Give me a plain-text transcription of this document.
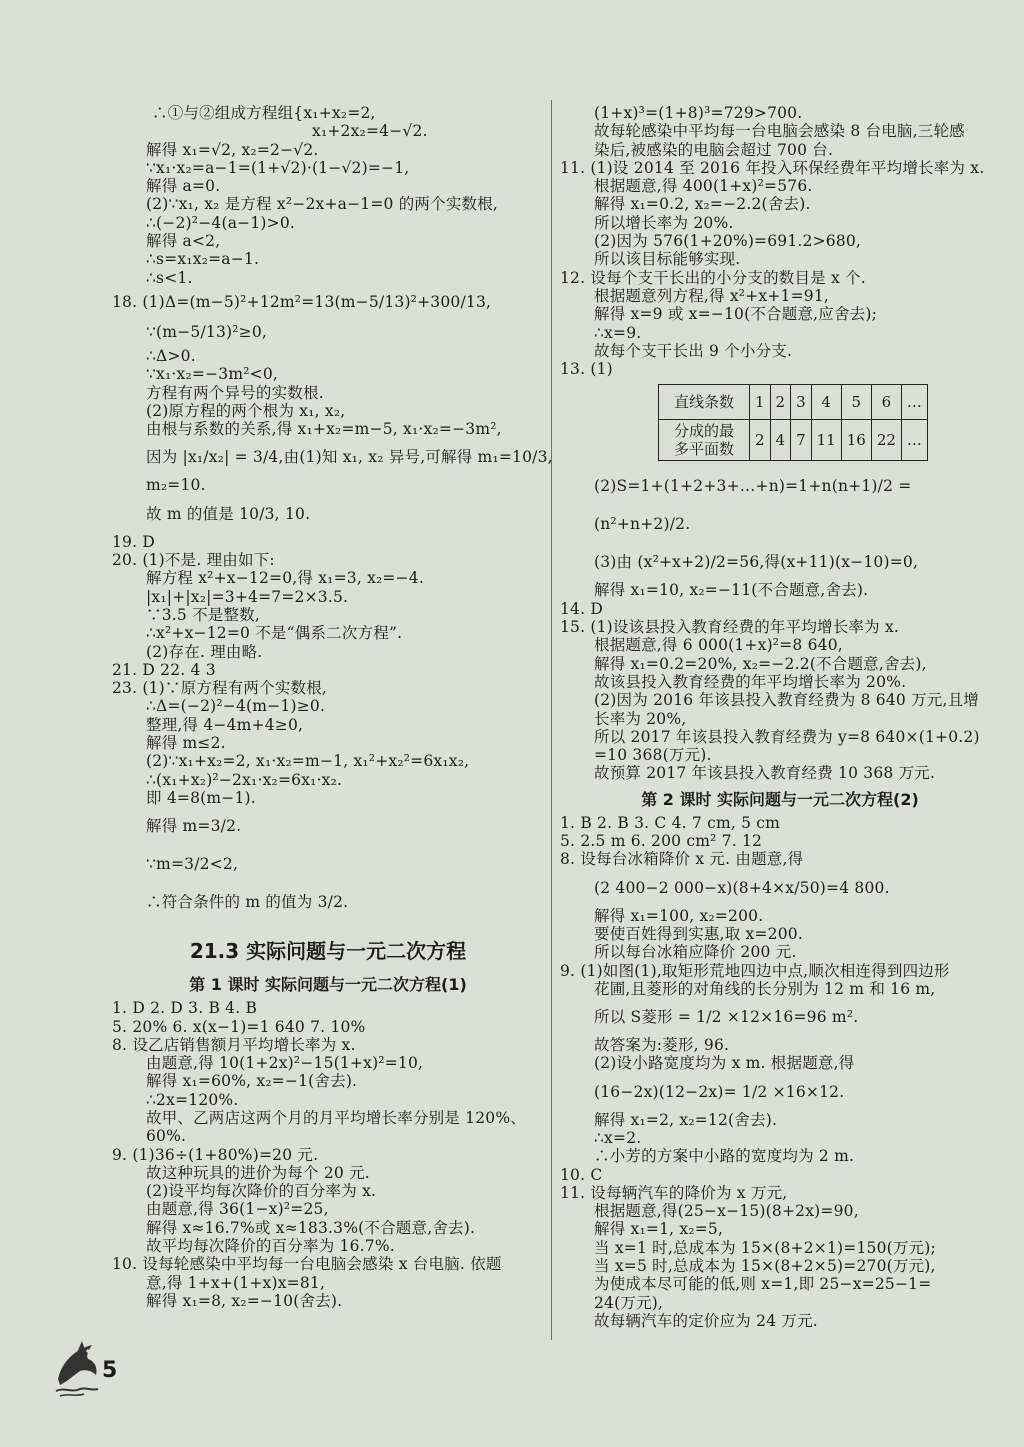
∴①与②组成方程组{x₁+x₂=2,
x₁+2x₂=4−√2.
解得 x₁=√2, x₂=2−√2.
∵x₁·x₂=a−1=(1+√2)·(1−√2)=−1,
解得 a=0.
(2)∵x₁, x₂ 是方程 x²−2x+a−1=0 的两个实数根,
∴(−2)²−4(a−1)>0.
解得 a<2,
∴s=x₁x₂=a−1.
∴s<1.
18. (1)Δ=(m−5)²+12m²=13(m−5/13)²+300/13,
∵(m−5/13)²≥0,
∴Δ>0.
∵x₁·x₂=−3m²<0,
方程有两个异号的实数根.
(2)原方程的两个根为 x₁, x₂,
由根与系数的关系,得 x₁+x₂=m−5, x₁·x₂=−3m²,
因为 |x₁/x₂| = 3/4,由(1)知 x₁, x₂ 异号,可解得 m₁=10/3,
m₂=10.
故 m 的值是 10/3, 10.
19. D
20. (1)不是. 理由如下:
解方程 x²+x−12=0,得 x₁=3, x₂=−4.
|x₁|+|x₂|=3+4=7=2×3.5.
∵3.5 不是整数,
∴x²+x−12=0 不是“偶系二次方程”.
(2)存在. 理由略.
21. D 22. 4 3
23. (1)∵原方程有两个实数根,
∴Δ=(−2)²−4(m−1)≥0.
整理,得 4−4m+4≥0,
解得 m≤2.
(2)∵x₁+x₂=2, x₁·x₂=m−1, x₁²+x₂²=6x₁x₂,
∴(x₁+x₂)²−2x₁·x₂=6x₁·x₂.
即 4=8(m−1).
解得 m=3/2.
∵m=3/2<2,
∴符合条件的 m 的值为 3/2.
21.3 实际问题与一元二次方程
第 1 课时 实际问题与一元二次方程(1)
1. D 2. D 3. B 4. B
5. 20% 6. x(x−1)=1 640 7. 10%
8. 设乙店销售额月平均增长率为 x.
由题意,得 10(1+2x)²−15(1+x)²=10,
解得 x₁=60%, x₂=−1(舍去).
∴2x=120%.
故甲、乙两店这两个月的月平均增长率分别是 120%、
60%.
9. (1)36÷(1+80%)=20 元.
故这种玩具的进价为每个 20 元.
(2)设平均每次降价的百分率为 x.
由题意,得 36(1−x)²=25,
解得 x≈16.7%或 x≈183.3%(不合题意,舍去).
故平均每次降价的百分率为 16.7%.
10. 设每轮感染中平均每一台电脑会感染 x 台电脑. 依题
意,得 1+x+(1+x)x=81,
解得 x₁=8, x₂=−10(舍去).
(1+x)³=(1+8)³=729>700.
故每轮感染中平均每一台电脑会感染 8 台电脑,三轮感
染后,被感染的电脑会超过 700 台.
11. (1)设 2014 至 2016 年投入环保经费年平均增长率为 x.
根据题意,得 400(1+x)²=576.
解得 x₁=0.2, x₂=−2.2(舍去).
所以增长率为 20%.
(2)因为 576(1+20%)=691.2>680,
所以该目标能够实现.
12. 设每个支干长出的小分支的数目是 x 个.
根据题意列方程,得 x²+x+1=91,
解得 x=9 或 x=−10(不合题意,应舍去);
∴x=9.
故每个支干长出 9 个小分支.
13. (1)
直线条数	1	2	3	4	5	6	…

分成的最
多平面数	2	4	7	11	16	22	…
(2)S=1+(1+2+3+…+n)=1+n(n+1)/2 =
(n²+n+2)/2.
(3)由 (x²+x+2)/2=56,得(x+11)(x−10)=0,
解得 x₁=10, x₂=−11(不合题意,舍去).
14. D
15. (1)设该县投入教育经费的年平均增长率为 x.
根据题意,得 6 000(1+x)²=8 640,
解得 x₁=0.2=20%, x₂=−2.2(不合题意,舍去),
故该县投入教育经费的年平均增长率为 20%.
(2)因为 2016 年该县投入教育经费为 8 640 万元,且增
长率为 20%,
所以 2017 年该县投入教育经费为 y=8 640×(1+0.2)
=10 368(万元).
故预算 2017 年该县投入教育经费 10 368 万元.
第 2 课时 实际问题与一元二次方程(2)
1. B 2. B 3. C 4. 7 cm, 5 cm
5. 2.5 m 6. 200 cm² 7. 12
8. 设每台冰箱降价 x 元. 由题意,得
(2 400−2 000−x)(8+4×x/50)=4 800.
解得 x₁=100, x₂=200.
要使百姓得到实惠,取 x=200.
所以每台冰箱应降价 200 元.
9. (1)如图(1),取矩形荒地四边中点,顺次相连得到四边形
花圃,且菱形的对角线的长分别为 12 m 和 16 m,
所以 S菱形 = 1/2 ×12×16=96 m².
故答案为:菱形, 96.
(2)设小路宽度均为 x m. 根据题意,得
(16−2x)(12−2x)= 1/2 ×16×12.
解得 x₁=2, x₂=12(舍去).
∴x=2.
∴小芳的方案中小路的宽度均为 2 m.
10. C
11. 设每辆汽车的降价为 x 万元,
根据题意,得(25−x−15)(8+2x)=90,
解得 x₁=1, x₂=5,
当 x=1 时,总成本为 15×(8+2×1)=150(万元);
当 x=5 时,总成本为 15×(8+2×5)=270(万元),
为使成本尽可能的低,则 x=1,即 25−x=25−1=
24(万元),
故每辆汽车的定价应为 24 万元.
5
